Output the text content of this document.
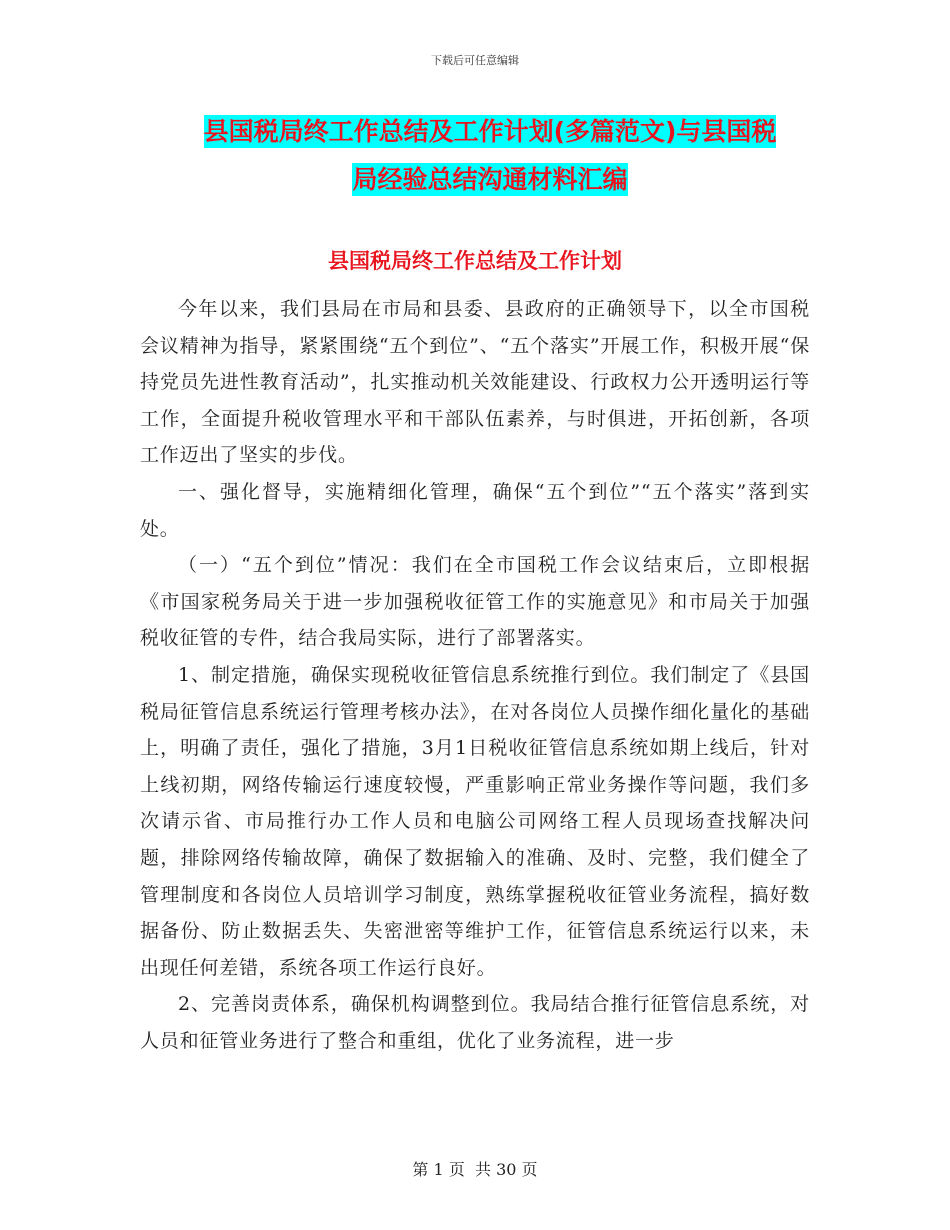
下载后可任意编辑
县国税局终工作总结及工作计划(多篇范文)与县国税
局经验总结沟通材料汇编
县国税局终工作总结及工作计划

今年以来，我们县局在市局和县委、县政府的正确领导下，以全市国税会议精神为指导，紧紧围绕“五个到位”、“五个落实”开展工作，积极开展“保持党员先进性教育活动”，扎实推动机关效能建设、行政权力公开透明运行等工作，全面提升税收管理水平和干部队伍素养，与时俱进，开拓创新，各项工作迈出了坚实的步伐。

一、强化督导，实施精细化管理，确保“五个到位”“五个落实”落到实处。

（一）“五个到位”情况：我们在全市国税工作会议结束后，立即根据《市国家税务局关于进一步加强税收征管工作的实施意见》和市局关于加强税收征管的专件，结合我局实际，进行了部署落实。

1、制定措施，确保实现税收征管信息系统推行到位。我们制定了《县国税局征管信息系统运行管理考核办法》，在对各岗位人员操作细化量化的基础上，明确了责任，强化了措施，3月1日税收征管信息系统如期上线后，针对上线初期，网络传输运行速度较慢，严重影响正常业务操作等问题，我们多次请示省、市局推行办工作人员和电脑公司网络工程人员现场查找解决问题，排除网络传输故障，确保了数据输入的准确、及时、完整，我们健全了管理制度和各岗位人员培训学习制度，熟练掌握税收征管业务流程，搞好数据备份、防止数据丢失、失密泄密等维护工作，征管信息系统运行以来，未出现任何差错，系统各项工作运行良好。

2、完善岗责体系，确保机构调整到位。我局结合推行征管信息系统，对人员和征管业务进行了整合和重组，优化了业务流程，进一步

第 1 页  共 30 页
